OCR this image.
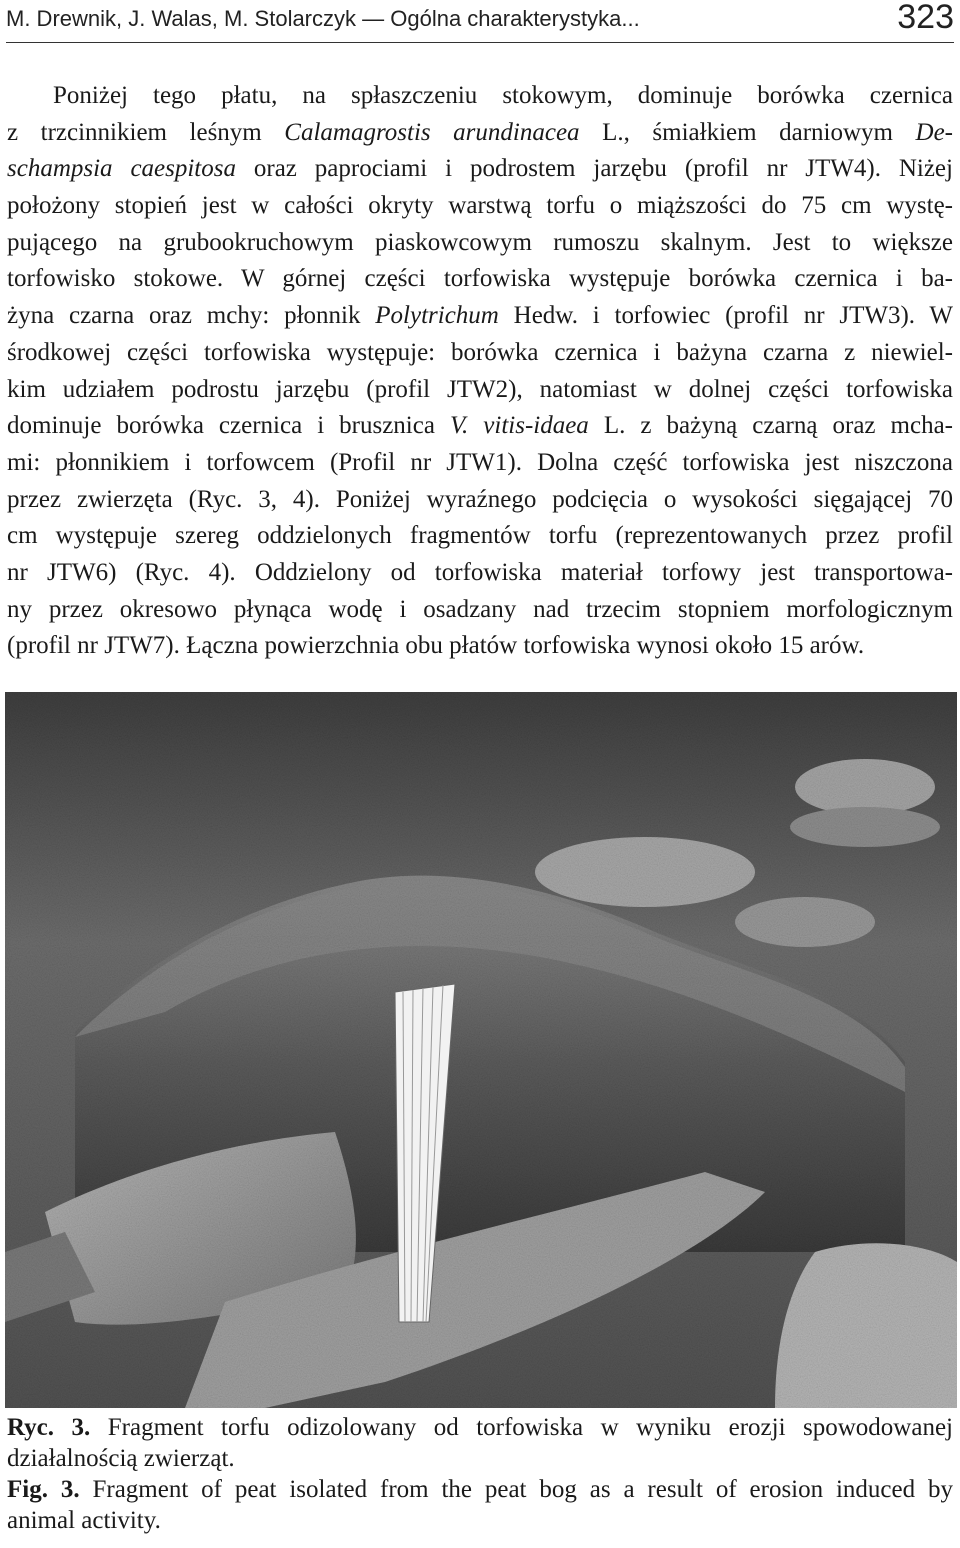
M. Drewnik, J. Walas, M. Stolarczyk — Ogólna charakterystyka...	323
Poniżej tego płatu, na spłaszczeniu stokowym, dominuje borówka czernica
z trzcinnikiem leśnym Calamagrostis arundinacea L., śmiałkiem darniowym De-
schampsia caespitosa oraz paprociami i podrostem jarzębu (profil nr JTW4). Niżej
położony stopień jest w całości okryty warstwą torfu o miąższości do 75 cm wystę-
pującego na grubookruchowym piaskowcowym rumoszu skalnym. Jest to większe
torfowisko stokowe. W górnej części torfowiska występuje borówka czernica i ba-
żyna czarna oraz mchy: płonnik Polytrichum Hedw. i torfowiec (profil nr JTW3). W
środkowej części torfowiska występuje: borówka czernica i bażyna czarna z niewiel-
kim udziałem podrostu jarzębu (profil JTW2), natomiast w dolnej części torfowiska
dominuje borówka czernica i brusznica V. vitis-idaea L. z bażyną czarną oraz mcha-
mi: płonnikiem i torfowcem (Profil nr JTW1). Dolna część torfowiska jest niszczona
przez zwierzęta (Ryc. 3, 4). Poniżej wyraźnego podcięcia o wysokości sięgającej 70
cm występuje szereg oddzielonych fragmentów torfu (reprezentowanych przez profil
nr JTW6) (Ryc. 4). Oddzielony od torfowiska materiał torfowy jest transportowa-
ny przez okresowo płynąca wodę i osadzany nad trzecim stopniem morfologicznym
(profil nr JTW7). Łączna powierzchnia obu płatów torfowiska wynosi około 15 arów.
Ryc. 3. Fragment torfu odizolowany od torfowiska w wyniku erozji spowodowanej
działalnością zwierząt.
Fig. 3. Fragment of peat isolated from the peat bog as a result of erosion induced by
animal activity.
